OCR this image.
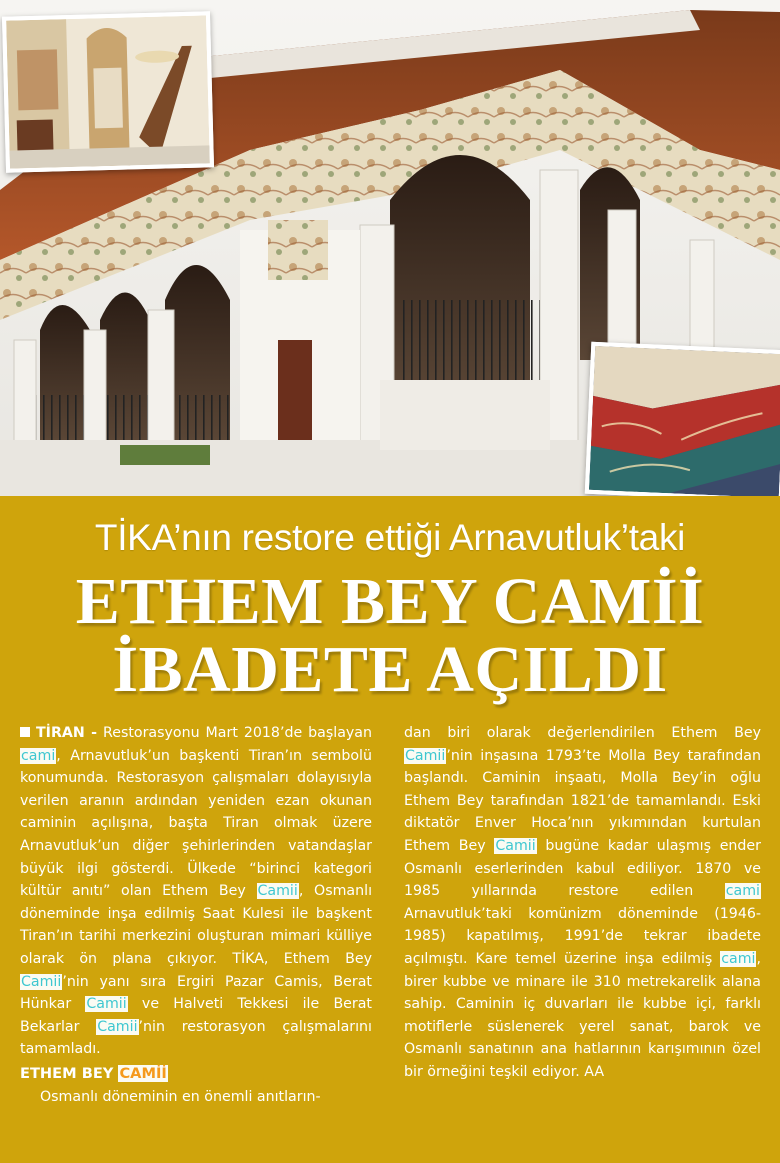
TİKA’nın restore ettiği Arnavutluk’taki
ETHEM BEY CAMİİ
İBADETE AÇILDI

TİRAN - Restorasyonu Mart 2018’de başlayan cami, Arnavutluk’un başkenti Tiran’ın sembolü konumunda. Restorasyon çalışmaları dolayısıyla verilen aranın ardından yeniden ezan okunan caminin açılışına, başta Tiran olmak üzere Arnavutluk’un diğer şehirlerinden vatandaşlar büyük ilgi gösterdi. Ülkede “birinci kategori kültür anıtı” olan Ethem Bey Camii, Osmanlı döneminde inşa edilmiş Saat Kulesi ile başkent Tiran’ın tarihi merkezini oluşturan mimari külliye olarak ön plana çıkıyor. TİKA, Ethem Bey Camii’nin yanı sıra Ergiri Pazar Camis, Berat Hünkar Camii ve Halveti Tekkesi ile Berat Bekarlar Camii’nin restorasyon çalışmalarını tamamladı.

ETHEM BEY CAMİİ

Osmanlı döneminin en önemli anıtların-

dan biri olarak değerlendirilen Ethem Bey Camii’nin inşasına 1793’te Molla Bey tarafından başlandı. Caminin inşaatı, Molla Bey’in oğlu Ethem Bey tarafından 1821’de tamamlandı. Eski diktatör Enver Hoca’nın yıkımından kurtulan Ethem Bey Camii bugüne kadar ulaşmış ender Osmanlı eserlerinden kabul ediliyor. 1870 ve 1985 yıllarında restore edilen cami Arnavutluk’taki komünizm döneminde (1946-1985) kapatılmış, 1991’de tekrar ibadete açılmıştı. Kare temel üzerine inşa edilmiş cami, birer kubbe ve minare ile 310 metrekarelik alana sahip. Caminin iç duvarları ile kubbe içi, farklı motiflerle süslenerek yerel sanat, barok ve Osmanlı sanatının ana hatlarının karışımının özel bir örneğini teşkil ediyor. AA
